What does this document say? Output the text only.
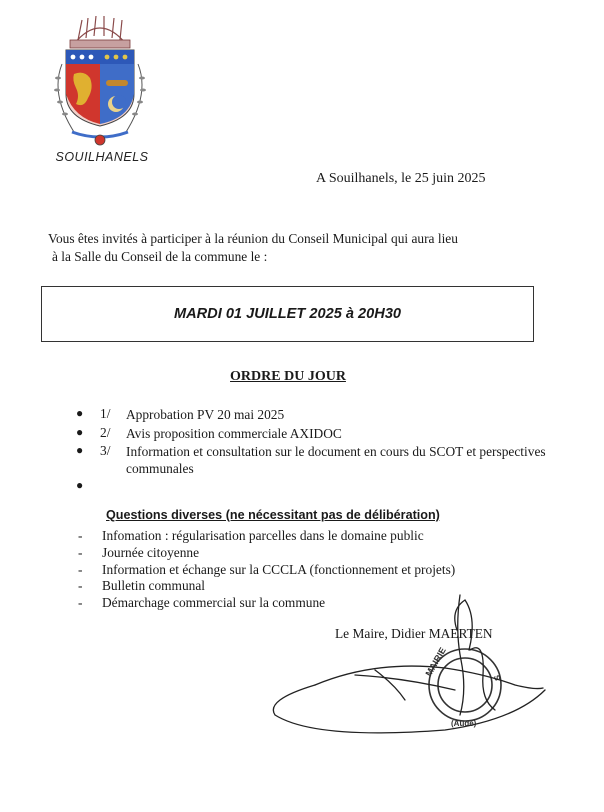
SOUILHANELS
A Souilhanels, le 25 juin 2025
Vous êtes invités à participer à la réunion du Conseil Municipal qui aura lieu
à la Salle du Conseil de la commune le :
MARDI 01 JUILLET 2025 à 20H30
ORDRE DU JOUR
●	1/	Approbation PV 20 mai 2025
●	2/	Avis proposition commerciale AXIDOC
●	3/	Information et consultation sur le document en cours du SCOT et perspectives communales
●
Questions diverses (ne nécessitant pas de délibération)
-	Infomation : régularisation parcelles dans le domaine public
-	Journée citoyenne
-	Information et échange sur la CCCLA (fonctionnement et projets)
-	Bulletin communal
-	Démarchage commercial sur la commune
Le Maire, Didier MAERTEN
MAIRIE
(Aude)
S
